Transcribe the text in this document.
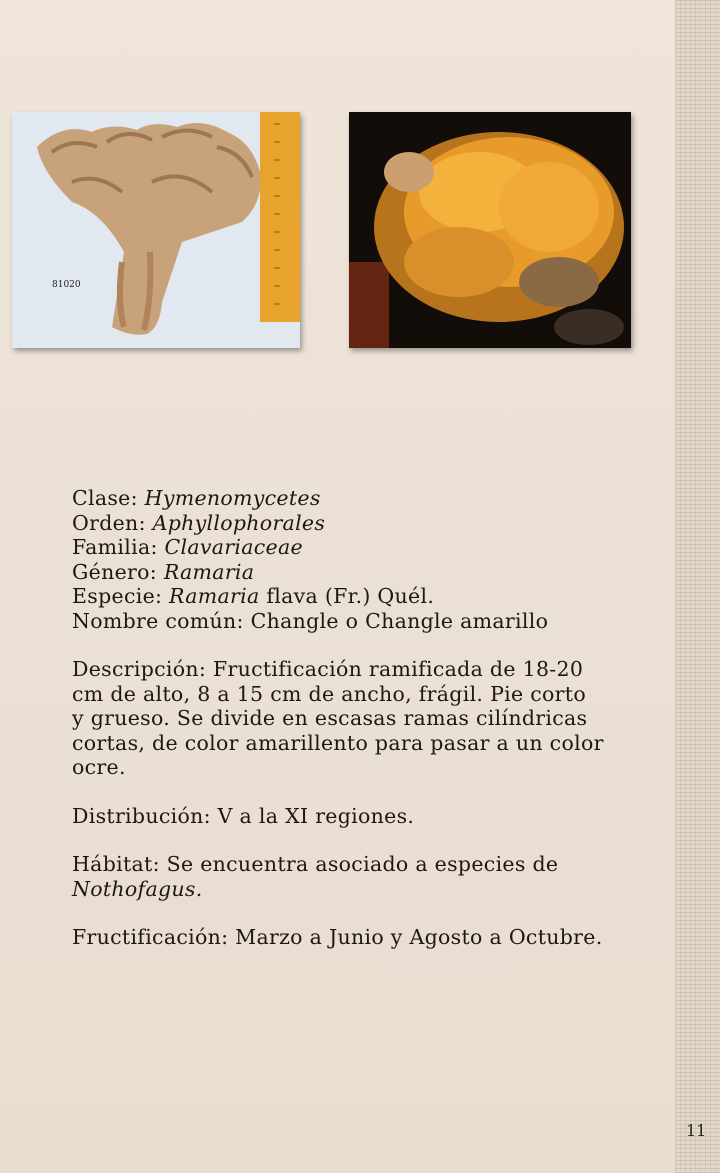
81020
Clase: Hymenomycetes
Orden: Aphyllophorales
Familia: Clavariaceae
Género: Ramaria
Especie: Ramaria flava (Fr.) Quél.
Nombre común: Changle o Changle amarillo
Descripción: Fructificación ramificada de 18-20
cm de alto, 8 a 15 cm de ancho, frágil. Pie corto
y grueso. Se divide en escasas ramas cilíndricas
cortas, de color amarillento para pasar a un color
ocre.
Distribución: V a la XI regiones.
Hábitat: Se encuentra asociado a especies de
Nothofagus.
Fructificación: Marzo a Junio y Agosto a Octubre.
11
